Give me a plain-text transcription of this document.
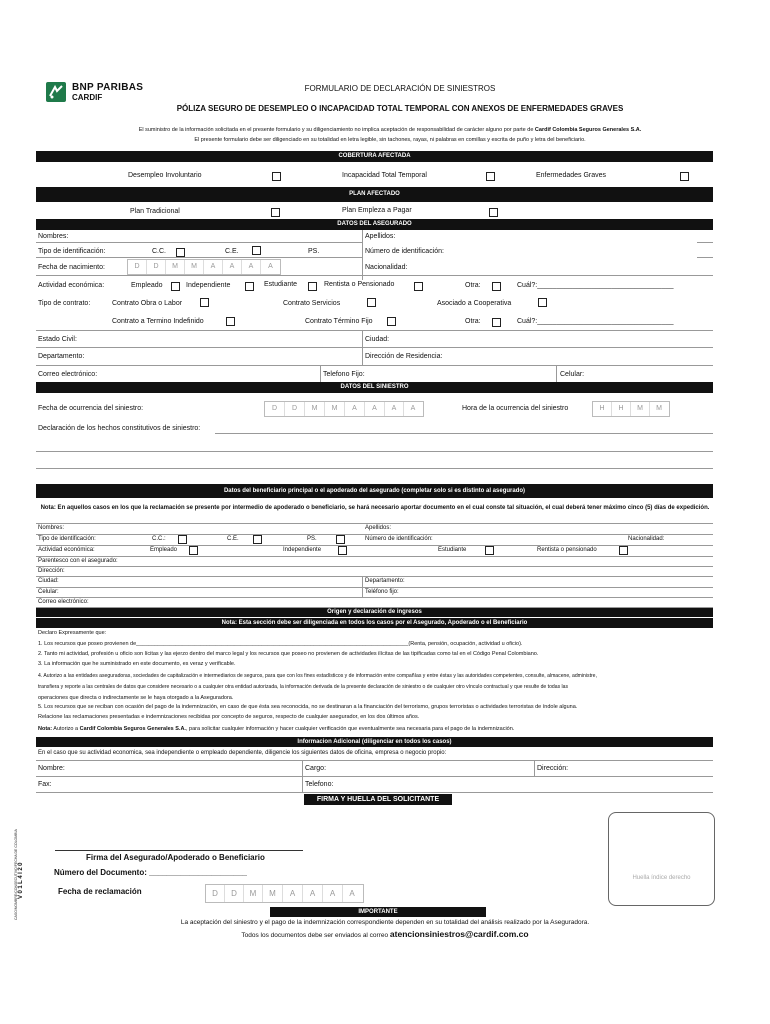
BNP PARIBAS
CARDIF
FORMULARIO DE DECLARACIÓN DE SINIESTROS
PÓLIZA SEGURO DE DESEMPLEO O INCAPACIDAD TOTAL TEMPORAL CON ANEXOS DE ENFERMEDADES GRAVES
El suministro de la información solicitada en el presente formulario y su diligenciamiento no implica aceptación de responsabilidad de carácter alguno por parte de Cardif Colombia Seguros Generales S.A.
El presente formulario debe ser diligenciado en su totalidad en letra legible, sin tachones, rayas, ni palabras en comillas y escrita de puño y letra del beneficiario.
COBERTURA AFECTADA
Desempleo Involuntario	Incapacidad Total Temporal	Enfermedades Graves
PLAN AFECTADO
Plan Tradicional	Plan Empleza a Pagar
DATOS DEL ASEGURADO
Nombres:	Apellidos:
Tipo de identificación:	C.C.	C.E.	PS.	Número de identificación:
Fecha de nacimiento:	D	D	M	M	A	A	A	A	Nacionalidad:
Actividad económica:	Empleado	Independiente	Estudiante	Rentista o Pensionado	Otra:	Cuál?:___________________________________
Tipo de contrato:	Contrato Obra o Labor	Contrato Servicios	Asociado a Cooperativa
Contrato a Termino Indefinido	Contrato Término Fijo	Otra:	Cuál?:___________________________________
Estado Civil:	Ciudad:
Departamento:	Dirección de Residencia:
Correo electrónico:	Telefono Fijo:	Celular:
DATOS DEL SINIESTRO
Fecha de ocurrencia del siniestro:	D	D	M	M	A	A	A	A	Hora de la ocurrencia del siniestro	H	H	M	M
Declaración de los hechos constitutivos de siniestro:
Datos del beneficiario principal o el apoderado del asegurado (completar solo si es distinto al asegurado)
Nota: En aquellos casos en los que la reclamación se presente por intermedio de apoderado o beneficiario, se hará necesario aportar documento en el cual conste tal situación, el cual deberá tener máximo cinco (5) días de expedición.
Nombres:	Apellidos:
Tipo de identificación:	C.C.:	C.E.	PS.	Número de identificación:	Nacionalidad:
Actividad económica:	Empleado	Independiente	Estudiante	Rentista o pensionado
Parentesco con el asegurado:
Dirección:
Ciudad:	Departamento:
Celular:	Teléfono fijo:
Correo electrónico:
Origen y declaración de ingresos
Nota: Esta sección debe ser diligenciada en todos los casos por el Asegurado, Apoderado o el Beneficiario
Declaro Expresamente que:
1. Los recursos que poseo provienen de_________________________________________________________________________________________(Renta, pensión, ocupación, actividad u oficio).
2. Tanto mi actividad, profesión u oficio son lícitas y las ejerzo dentro del marco legal y los recursos que poseo no provienen de actividades ilícitas de las tipificadas como tal en el Código Penal Colombiano.
3. La información que he suministrado en este documento, es veraz y verificable.
4. Autorizo a las entidades aseguradoras, sociedades de capitalización e intermediarios de seguros, para que con los fines estadísticos y de información entre compañías y entre éstas y las autoridades competentes, consulte, almacene, administre,
transfiera y reporte a las centrales de datos que considere necesario o a cualquier otra entidad autorizada, la información derivada de la presente declaración de siniestro o de cualquier otro vínculo contractual y que resulte de todas las
operaciones que directa o indirectamente se le haya otorgado a la Aseguradora.
5. Los recursos que se reciban con ocasión del pago de la indemnización, en caso de que ésta sea reconocida, no se destinaran a la financiación del terrorismo, grupos terroristas o actividades terroristas de índole alguna.
Relacione las reclamaciones presentadas e indemnizaciones recibidas por concepto de seguros, respecto de cualquier asegurador, en los dos últimos años.
Nota: Autorizo a Cardif Colombia Seguros Generales S.A., para solicitar cualquier información y hacer cualquier verificación que eventualmente sea necesaria para el pago de la indemnización.
Informacion Adicional (diligenciar en todos los casos)
En el caso que su actividad economica, sea independiente o empleado dependiente, diligencie los siguientes datos de oficina, empresa o negocio propio:
Nombre:	Cargo:	Dirección:
Fax:	Telefono:
FIRMA Y HUELLA DEL SOLICITANTE
CASO/NOMBRE/CONSECUTIVO/FECHA DE COLOMBIA V01L4I20
Firma del Asegurado/Apoderado o Beneficiario
Número del Documento: ______________________
Fecha de reclamación	D	D	M	M	A	A	A	A
Huella índice derecho
IMPORTANTE
La aceptación del siniestro y el pago de la indemnización correspondiente dependen en su totalidad del análisis realizado por la Aseguradora.
Todos los documentos debe ser enviados al correo atencionsiniestros@cardif.com.co
